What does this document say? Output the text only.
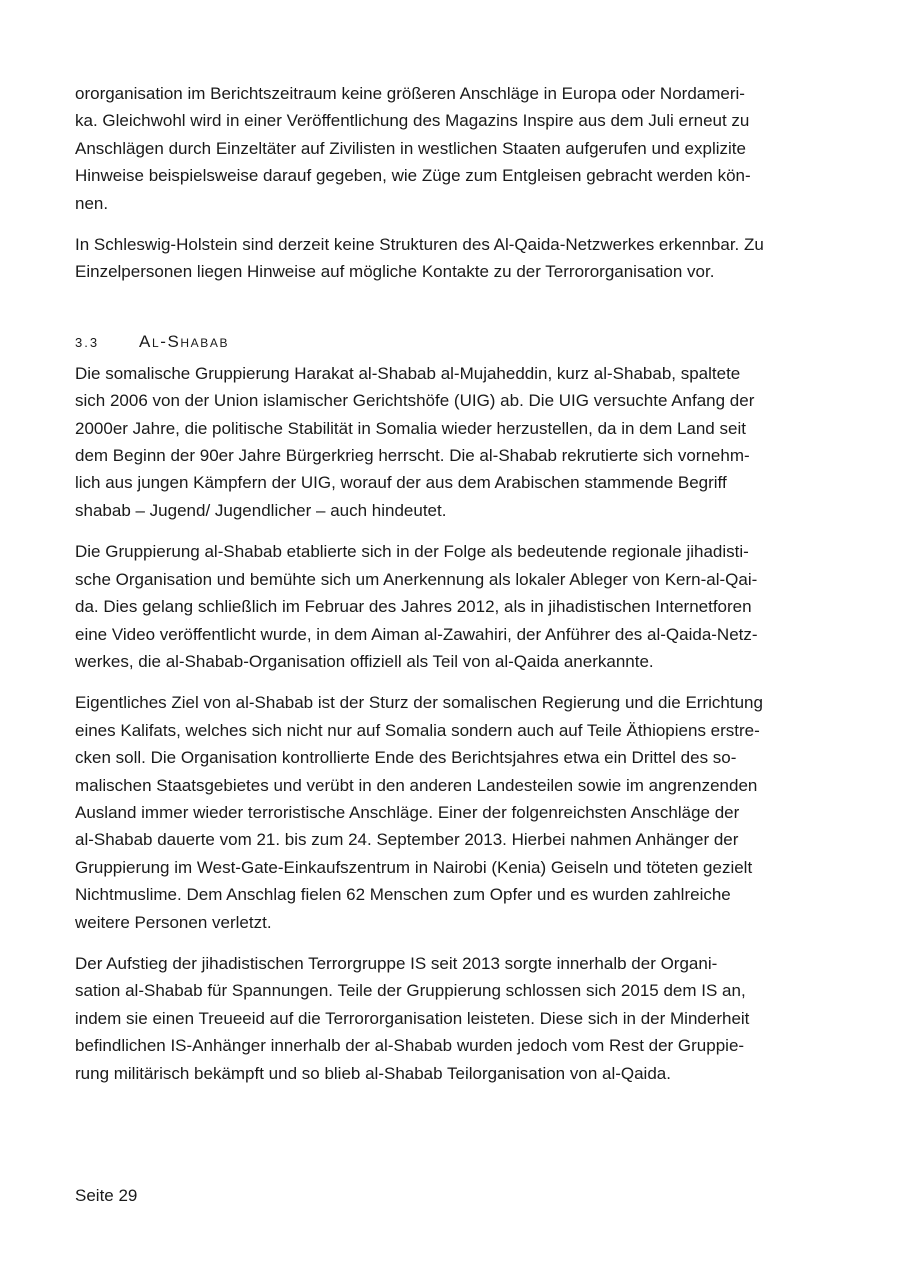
ororganisation im Berichtszeitraum keine größeren Anschläge in Europa oder Nordameri-
ka. Gleichwohl wird in einer Veröffentlichung des Magazins Inspire aus dem Juli erneut zu
Anschlägen durch Einzeltäter auf Zivilisten in westlichen Staaten aufgerufen und explizite
Hinweise beispielsweise darauf gegeben, wie Züge zum Entgleisen gebracht werden kön-
nen.
In Schleswig-Holstein sind derzeit keine Strukturen des Al-Qaida-Netzwerkes erkennbar. Zu
Einzelpersonen liegen Hinweise auf mögliche Kontakte zu der Terrororganisation vor.
3.3	Al-Shabab
Die somalische Gruppierung Harakat al-Shabab al-Mujaheddin, kurz al-Shabab, spaltete
sich 2006 von der Union islamischer Gerichtshöfe (UIG) ab. Die UIG versuchte Anfang der
2000er Jahre, die politische Stabilität in Somalia wieder herzustellen, da in dem Land seit
dem Beginn der 90er Jahre Bürgerkrieg herrscht. Die al-Shabab rekrutierte sich vornehm-
lich aus jungen Kämpfern der UIG, worauf der aus dem Arabischen stammende Begriff
shabab – Jugend/ Jugendlicher – auch hindeutet.
Die Gruppierung al-Shabab etablierte sich in der Folge als bedeutende regionale jihadisti-
sche Organisation und bemühte sich um Anerkennung als lokaler Ableger von Kern-al-Qai-
da. Dies gelang schließlich im Februar des Jahres 2012, als in jihadistischen Internetforen
eine Video veröffentlicht wurde, in dem Aiman al-Zawahiri, der Anführer des al-Qaida-Netz-
werkes, die al-Shabab-Organisation offiziell als Teil von al-Qaida anerkannte.
Eigentliches Ziel von al-Shabab ist der Sturz der somalischen Regierung und die Errichtung
eines Kalifats, welches sich nicht nur auf Somalia sondern auch auf Teile Äthiopiens erstre-
cken soll. Die Organisation kontrollierte Ende des Berichtsjahres etwa ein Drittel des so-
malischen Staatsgebietes und verübt in den anderen Landesteilen sowie im angrenzenden
Ausland immer wieder terroristische Anschläge. Einer der folgenreichsten Anschläge der
al-Shabab dauerte vom 21. bis zum 24. September 2013. Hierbei nahmen Anhänger der
Gruppierung im West-Gate-Einkaufszentrum in Nairobi (Kenia) Geiseln und töteten gezielt
Nichtmuslime. Dem Anschlag fielen 62 Menschen zum Opfer und es wurden zahlreiche
weitere Personen verletzt.
Der Aufstieg der jihadistischen Terrorgruppe IS seit 2013 sorgte innerhalb der Organi-
sation al-Shabab für Spannungen. Teile der Gruppierung schlossen sich 2015 dem IS an,
indem sie einen Treueeid auf die Terrororganisation leisteten. Diese sich in der Minderheit
befindlichen IS-Anhänger innerhalb der al-Shabab wurden jedoch vom Rest der Gruppie-
rung militärisch bekämpft und so blieb al-Shabab Teilorganisation von al-Qaida.
Seite 29
